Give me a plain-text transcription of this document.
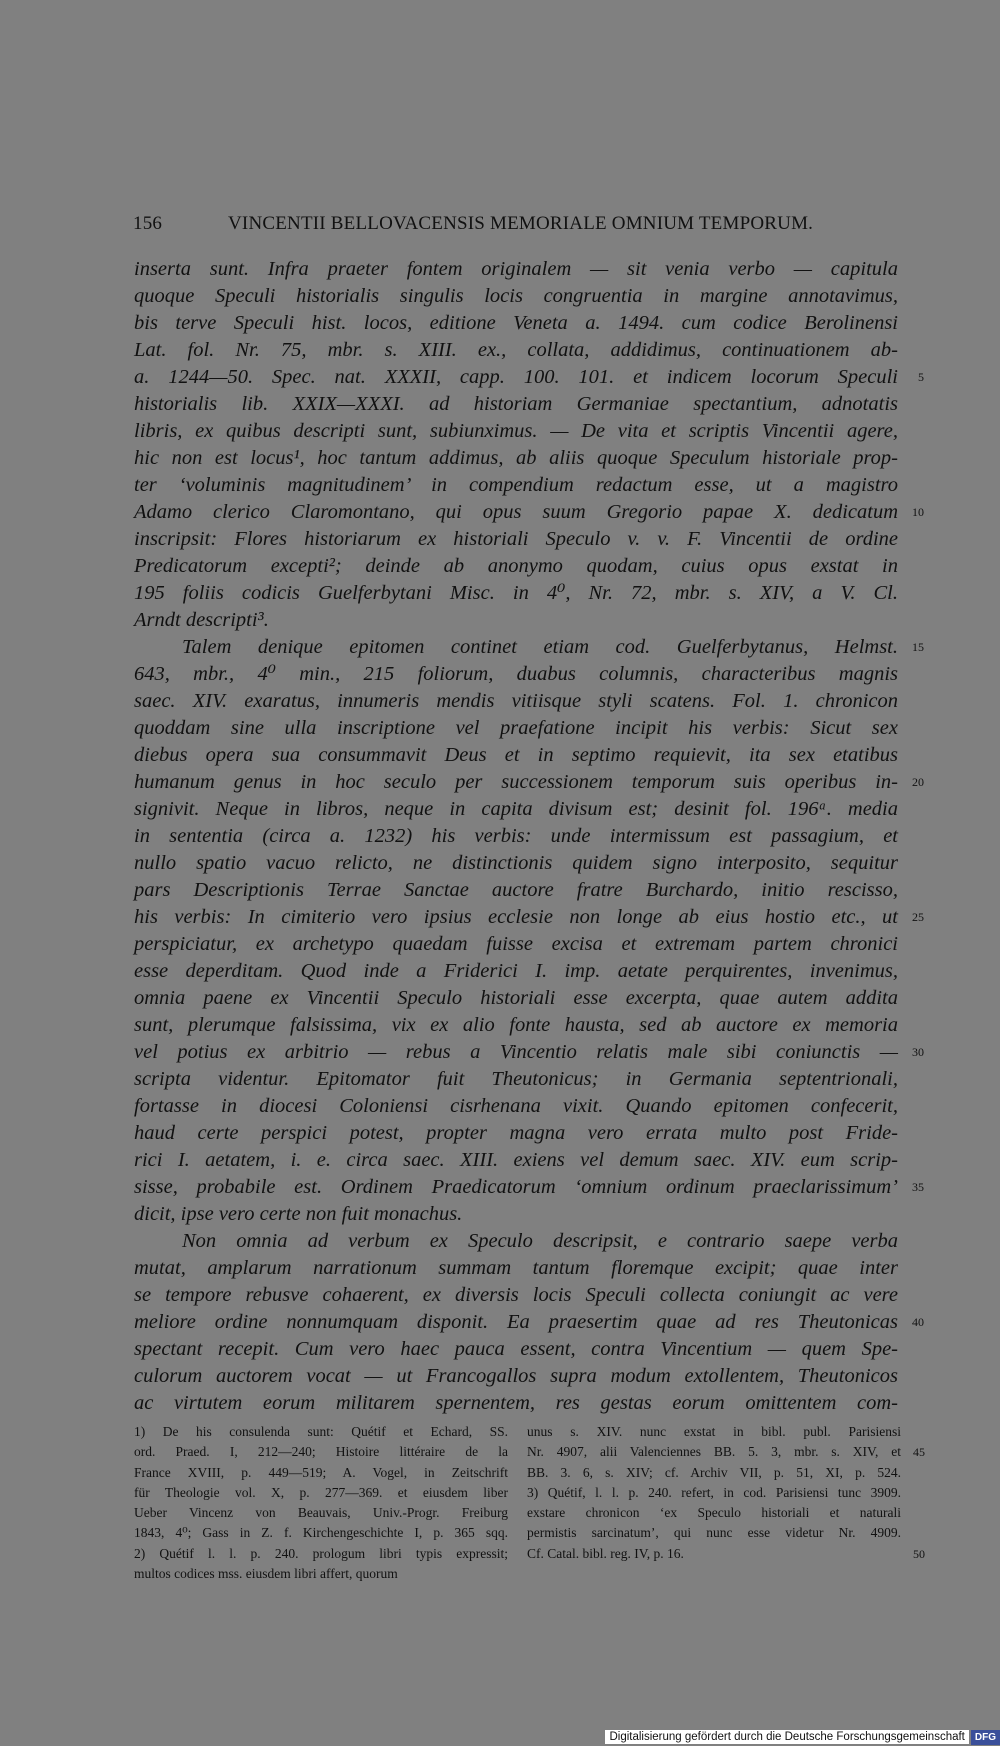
156	VINCENTII BELLOVACENSIS MEMORIALE OMNIUM TEMPORUM.
inserta sunt. Infra praeter fontem originalem — sit venia verbo — capitula
quoque Speculi historialis singulis locis congruentia in margine annotavimus,
bis terve Speculi hist. locos, editione Veneta a. 1494. cum codice Berolinensi
Lat. fol. Nr. 75, mbr. s. XIII. ex., collata, addidimus, continuationem ab-
a. 1244—50. Spec. nat. XXXII, capp. 100. 101. et indicem locorum Speculi 5
historialis lib. XXIX—XXXI. ad historiam Germaniae spectantium, adnotatis
libris, ex quibus descripti sunt, subiunximus. — De vita et scriptis Vincentii agere,
hic non est locus¹, hoc tantum addimus, ab aliis quoque Speculum historiale prop-
ter ‘voluminis magnitudinem’ in compendium redactum esse, ut a magistro
Adamo clerico Claromontano, qui opus suum Gregorio papae X. dedicatum 10
inscripsit: Flores historiarum ex historiali Speculo v. v. F. Vincentii de ordine
Predicatorum excepti²; deinde ab anonymo quodam, cuius opus exstat in
195 foliis codicis Guelferbytani Misc. in 4⁰, Nr. 72, mbr. s. XIV, a V. Cl.
Arndt descripti³.
Talem denique epitomen continet etiam cod. Guelferbytanus, Helmst. 15
643, mbr., 4⁰ min., 215 foliorum, duabus columnis, characteribus magnis
saec. XIV. exaratus, innumeris mendis vitiisque styli scatens. Fol. 1. chronicon
quoddam sine ulla inscriptione vel praefatione incipit his verbis: Sicut sex
diebus opera sua consummavit Deus et in septimo requievit, ita sex etatibus
humanum genus in hoc seculo per successionem temporum suis operibus in- 20
signivit. Neque in libros, neque in capita divisum est; desinit fol. 196ᵃ. media
in sententia (circa a. 1232) his verbis: unde intermissum est passagium, et
nullo spatio vacuo relicto, ne distinctionis quidem signo interposito, sequitur
pars Descriptionis Terrae Sanctae auctore fratre Burchardo, initio rescisso,
his verbis: In cimiterio vero ipsius ecclesie non longe ab eius hostio etc., ut 25
perspiciatur, ex archetypo quaedam fuisse excisa et extremam partem chronici
esse deperditam. Quod inde a Friderici I. imp. aetate perquirentes, invenimus,
omnia paene ex Vincentii Speculo historiali esse excerpta, quae autem addita
sunt, plerumque falsissima, vix ex alio fonte hausta, sed ab auctore ex memoria
vel potius ex arbitrio — rebus a Vincentio relatis male sibi coniunctis — 30
scripta videntur. Epitomator fuit Theutonicus; in Germania septentrionali,
fortasse in diocesi Coloniensi cisrhenana vixit. Quando epitomen confecerit,
haud certe perspici potest, propter magna vero errata multo post Fride-
rici I. aetatem, i. e. circa saec. XIII. exiens vel demum saec. XIV. eum scrip-
sisse, probabile est. Ordinem Praedicatorum ‘omnium ordinum praeclarissimum’ 35
dicit, ipse vero certe non fuit monachus.
Non omnia ad verbum ex Speculo descripsit, e contrario saepe verba
mutat, amplarum narrationum summam tantum floremque excipit; quae inter
se tempore rebusve cohaerent, ex diversis locis Speculi collecta coniungit ac vere
meliore ordine nonnumquam disponit. Ea praesertim quae ad res Theutonicas 40
spectant recepit. Cum vero haec pauca essent, contra Vincentium — quem Spe-
culorum auctorem vocat — ut Francogallos supra modum extollentem, Theutonicos
ac virtutem eorum militarem spernentem, res gestas eorum omittentem com-
1) De his consulenda sunt: Quétif et Echard, SS.
ord. Praed. I, 212—240; Histoire littéraire de la
France XVIII, p. 449—519; A. Vogel, in Zeitschrift
für Theologie vol. X, p. 277—369. et eiusdem liber
Ueber Vincenz von Beauvais, Univ.-Progr. Freiburg
1843, 4⁰; Gass in Z. f. Kirchengeschichte I, p. 365 sqq.
2) Quétif l. l. p. 240. prologum libri typis expressit;
multos codices mss. eiusdem libri affert, quorum
unus s. XIV. nunc exstat in bibl. publ. Parisiensi
Nr. 4907, alii Valenciennes BB. 5. 3, mbr. s. XIV, et 45
BB. 3. 6, s. XIV; cf. Archiv VII, p. 51, XI, p. 524.
3) Quétif, l. l. p. 240. refert, in cod. Parisiensi tunc 3909.
exstare chronicon ‘ex Speculo historiali et naturali
permistis sarcinatum’, qui nunc esse videtur Nr. 4909.
Cf. Catal. bibl. reg. IV, p. 16.	50
Digitalisierung gefördert durch die Deutsche Forschungsgemeinschaft	DFG
